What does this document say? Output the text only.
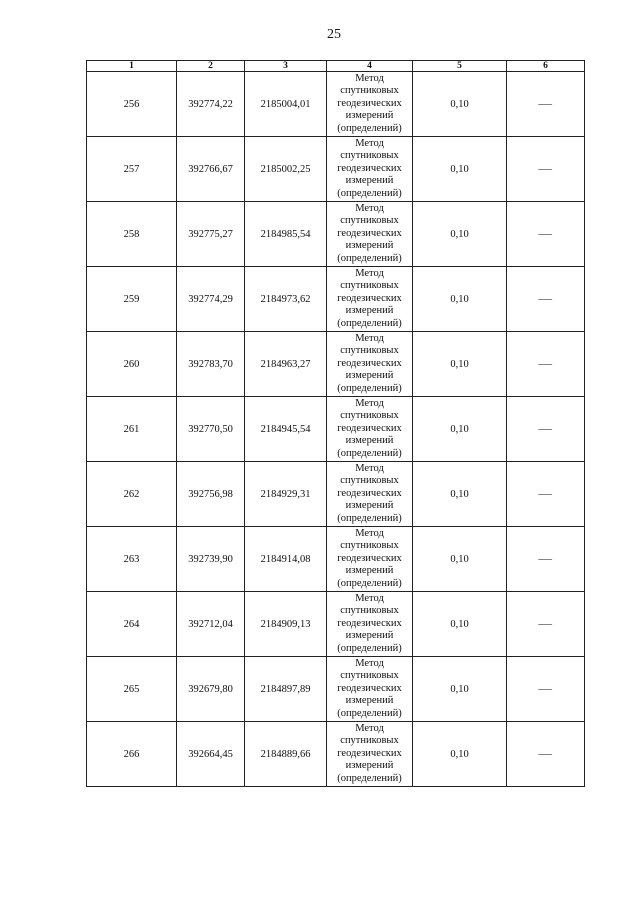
25
1	2	3	4	5	6
256	392774,22	2185004,01	Метод спутниковых геодезических измерений (определений)	0,10	—
257	392766,67	2185002,25	Метод спутниковых геодезических измерений (определений)	0,10	—
258	392775,27	2184985,54	Метод спутниковых геодезических измерений (определений)	0,10	—
259	392774,29	2184973,62	Метод спутниковых геодезических измерений (определений)	0,10	—
260	392783,70	2184963,27	Метод спутниковых геодезических измерений (определений)	0,10	—
261	392770,50	2184945,54	Метод спутниковых геодезических измерений (определений)	0,10	—
262	392756,98	2184929,31	Метод спутниковых геодезических измерений (определений)	0,10	—
263	392739,90	2184914,08	Метод спутниковых геодезических измерений (определений)	0,10	—
264	392712,04	2184909,13	Метод спутниковых геодезических измерений (определений)	0,10	—
265	392679,80	2184897,89	Метод спутниковых геодезических измерений (определений)	0,10	—
266	392664,45	2184889,66	Метод спутниковых геодезических измерений (определений)	0,10	—
